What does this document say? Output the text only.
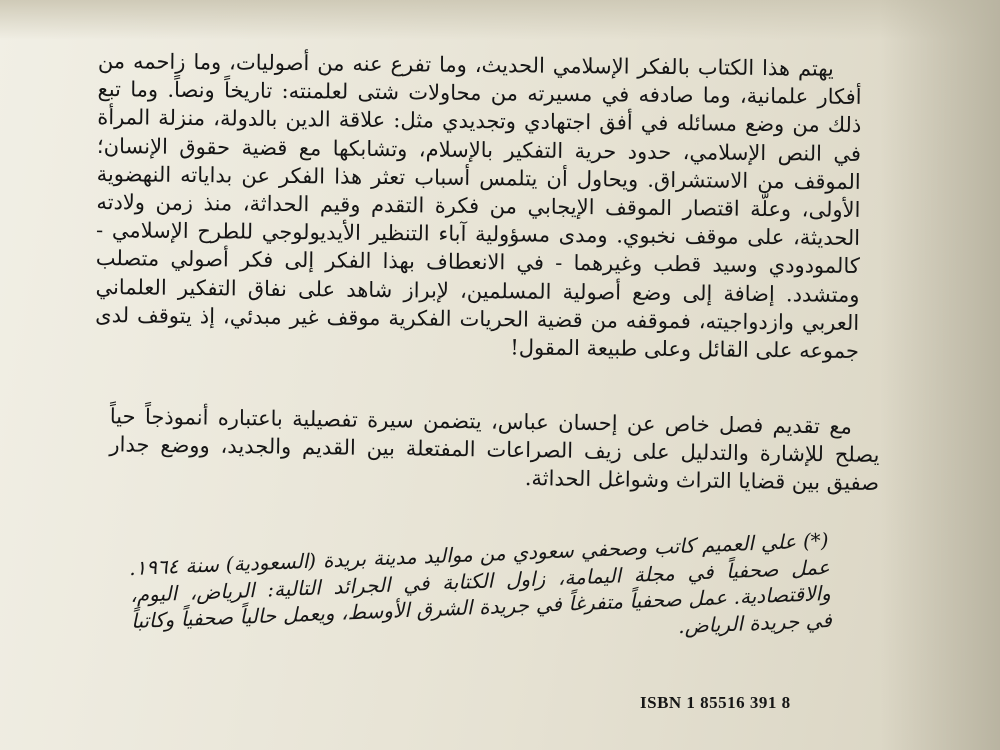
يهتم هذا الكتاب بالفكر الإسلامي الحديث، وما تفرع عنه من أصوليات، وما زاحمه من أفكار علمانية، وما صادفه في مسيرته من محاولات شتى لعلمنته: تاريخاً ونصاً. وما تبع ذلك من وضع مسائله في أفق اجتهادي وتجديدي مثل: علاقة الدين بالدولة، منزلة المرأة في النص الإسلامي، حدود حرية التفكير بالإسلام، وتشابكها مع قضية حقوق الإنسان؛ الموقف من الاستشراق. ويحاول أن يتلمس أسباب تعثر هذا الفكر عن بداياته النهضوية الأولى، وعلّة اقتصار الموقف الإيجابي من فكرة التقدم وقيم الحداثة، منذ زمن ولادته الحديثة، على موقف نخبوي. ومدى مسؤولية آباء التنظير الأيديولوجي للطرح الإسلامي - كالمودودي وسيد قطب وغيرهما - في الانعطاف بهذا الفكر إلى فكر أصولي متصلب ومتشدد. إضافة إلى وضع أصولية المسلمين، لإبراز شاهد على نفاق التفكير العلماني العربي وازدواجيته، فموقفه من قضية الحريات الفكرية موقف غير مبدئي، إذ يتوقف لدى جموعه على القائل وعلى طبيعة المقول!

مع تقديم فصل خاص عن إحسان عباس، يتضمن سيرة تفصيلية باعتباره أنموذجاً حياً يصلح للإشارة والتدليل على زيف الصراعات المفتعلة بين القديم والجديد، ووضع جدار صفيق بين قضايا التراث وشواغل الحداثة.

(*) علي العميم كاتب وصحفي سعودي من مواليد مدينة بريدة (السعودية) سنة ١٩٦٤. عمل صحفياً في مجلة اليمامة، زاول الكتابة في الجرائد التالية: الرياض، اليوم، والاقتصادية. عمل صحفياً متفرغاً في جريدة الشرق الأوسط، ويعمل حالياً صحفياً وكاتباً في جريدة الرياض.

ISBN 1 85516 391 8
